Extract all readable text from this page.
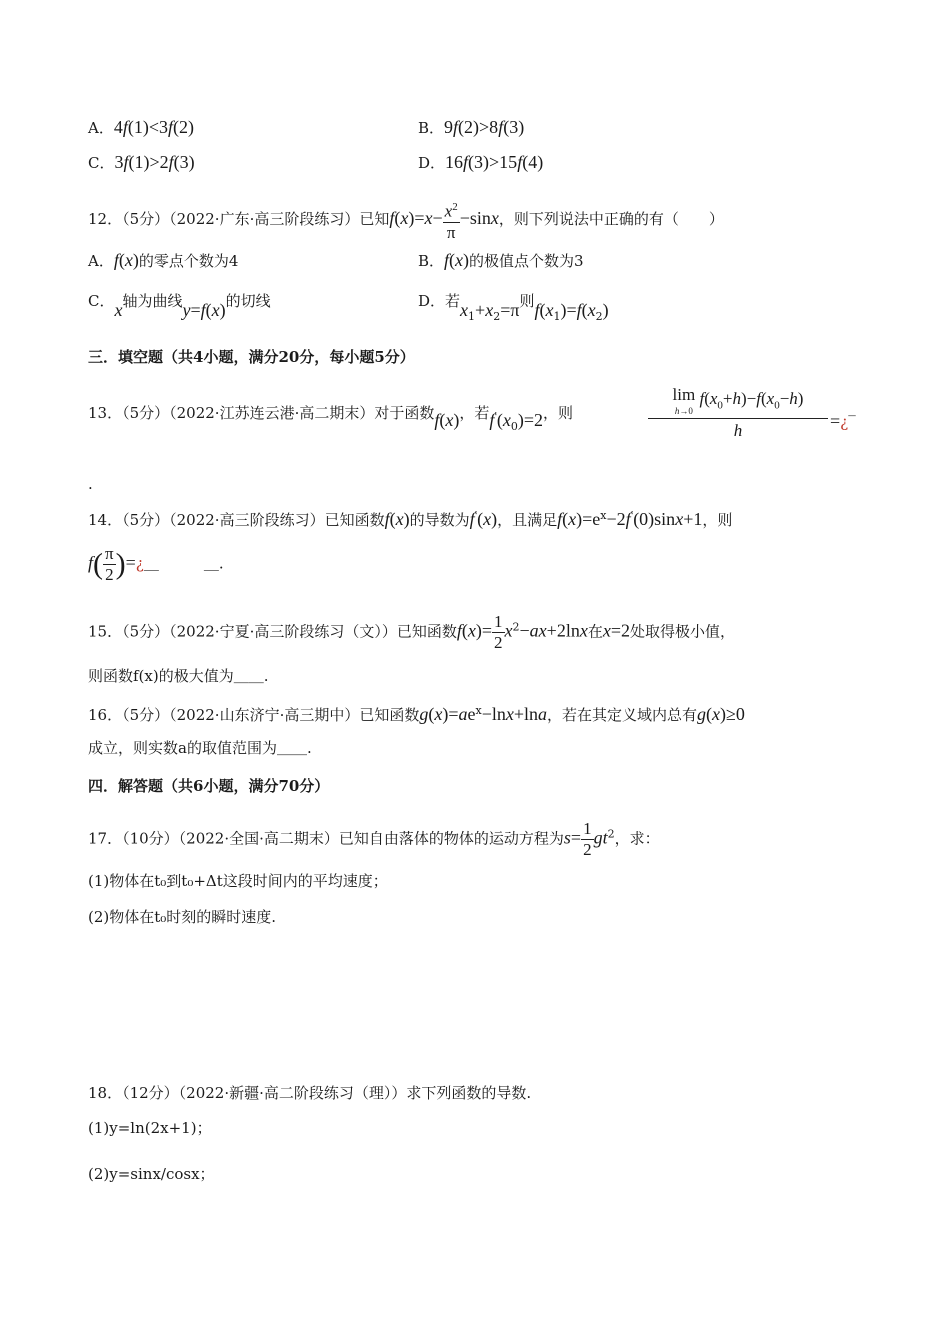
A．4f(1)<3f(2)	B．9f(2)>8f(3)
C．3f(1)>2f(3)	D．16f(3)>15f(4)
12．（5分）（2022·广东·高三阶段练习）已知$f(x)=x- \frac{x^2}{\pi} -\sin x$，则下列说法中正确的有（　　）
A．f(x)的零点个数为4	B．f(x)的极值点个数为3
C．x轴为曲线y=f(x)的切线	D．若$x_1+x_2=\pi$则$f(x_1)=f(x_2)$
三．填空题（共4小题，满分20分，每小题5分）
13．（5分）（2022·江苏连云港·高二期末）对于函数f(x)，若$f'(x_0)=2$，则
lim
h→0 $f(x_0+h)-f(x_0-h)$
h	=¿‾
.
14．（5分）（2022·高三阶段练习）已知函数f(x)的导数为f′(x)，且满足$f(x)=e^x-2f'(0)\sin x+1$，则
$f( \frac{\pi}{2}$ )=¿＿　　　＿.
15．（5分）（2022·宁夏·高三阶段练习（文））已知函数$f(x)= \frac{1}{2} x^2-ax+2\ln x$在x=2处取得极小值，
则函数f(x)的极大值为＿＿.
16．（5分）（2022·山东济宁·高三期中）已知函数$g(x)=ae^x-\ln x+\ln a$，若在其定义域内总有g(x)≥0
成立，则实数a的取值范围为＿＿.
四．解答题（共6小题，满分70分）
17．（10分）（2022·全国·高二期末）已知自由落体的物体的运动方程为$s= \frac{1}{2} gt^2$，求：
(1)物体在t₀到t₀+Δt这段时间内的平均速度；
(2)物体在t₀时刻的瞬时速度.
18．（12分）（2022·新疆·高二阶段练习（理））求下列函数的导数.
(1)y=ln(2x+1)；
(2)y=sinx/cosx；
